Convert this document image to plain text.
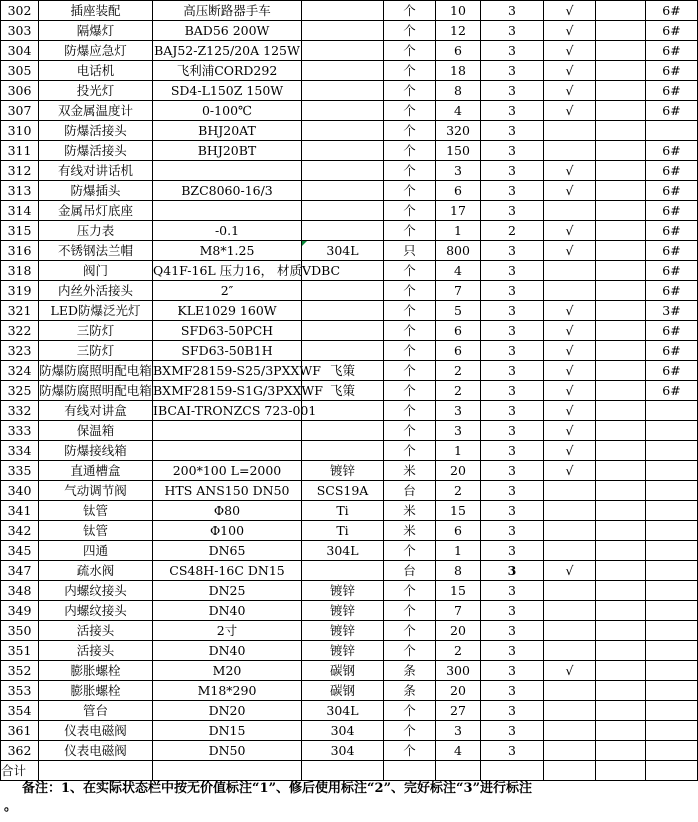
302	插座装配	高压断路器手车		个	10	3	√		6#
303	隔爆灯	BAD56 200W		个	12	3	√		6#
304	防爆应急灯	BAJ52-Z125/20A 125W		个	6	3	√		6#
305	电话机	飞利浦CORD292		个	18	3	√		6#
306	投光灯	SD4-L150Z 150W		个	8	3	√		6#
307	双金属温度计	0-100℃		个	4	3	√		6#
310	防爆活接头	BHJ20AT		个	320	3			
311	防爆活接头	BHJ20BT		个	150	3			6#
312	有线对讲话机			个	3	3	√		6#
313	防爆插头	BZC8060-16/3		个	6	3	√		6#
314	金属吊灯底座			个	17	3			6#
315	压力表	-0.1		个	1	2	√		6#
316	不锈钢法兰帽	M8*1.25	304L	只	800	3	√		6#
318	阀门	Q41F-16L 压力16， 材质VDBC		个	4	3			6#
319	内丝外活接头	2″		个	7	3			6#
321	LED防爆泛光灯	KLE1029 160W		个	5	3	√		3#
322	三防灯	SFD63-50PCH		个	6	3	√		6#
323	三防灯	SFD63-50B1H		个	6	3	√		6#
324	防爆防腐照明配电箱	BXMF28159-S25/3PXXWF	飞策	个	2	3	√		6#
325	防爆防腐照明配电箱	BXMF28159-S1G/3PXXWF	飞策	个	2	3	√		6#
332	有线对讲盒	IBCAI-TRONZCS 723-001		个	3	3	√		
333	保温箱			个	3	3	√		
334	防爆接线箱			个	1	3	√		
335	直通槽盒	200*100 L=2000	镀锌	米	20	3	√		
340	气动调节阀	HTS ANS150 DN50	SCS19A	台	2	3			
341	钛管	Φ80	Ti	米	15	3			
342	钛管	Φ100	Ti	米	6	3			
345	四通	DN65	304L	个	1	3			
347	疏水阀	CS48H-16C DN15		台	8	3	√		
348	内螺纹接头	DN25	镀锌	个	15	3			
349	内螺纹接头	DN40	镀锌	个	7	3			
350	活接头	2寸	镀锌	个	20	3			
351	活接头	DN40	镀锌	个	2	3			
352	膨胀螺栓	M20	碳钢	条	300	3	√		
353	膨胀螺栓	M18*290	碳钢	条	20	3			
354	管台	DN20	304L	个	27	3			
361	仪表电磁阀	DN15	304	个	3	3			
362	仪表电磁阀	DN50	304	个	4	3			
合计									
备注：1、在实际状态栏中按无价值标注“1”、修后使用标注“2”、完好标注“3”进行标注
。
